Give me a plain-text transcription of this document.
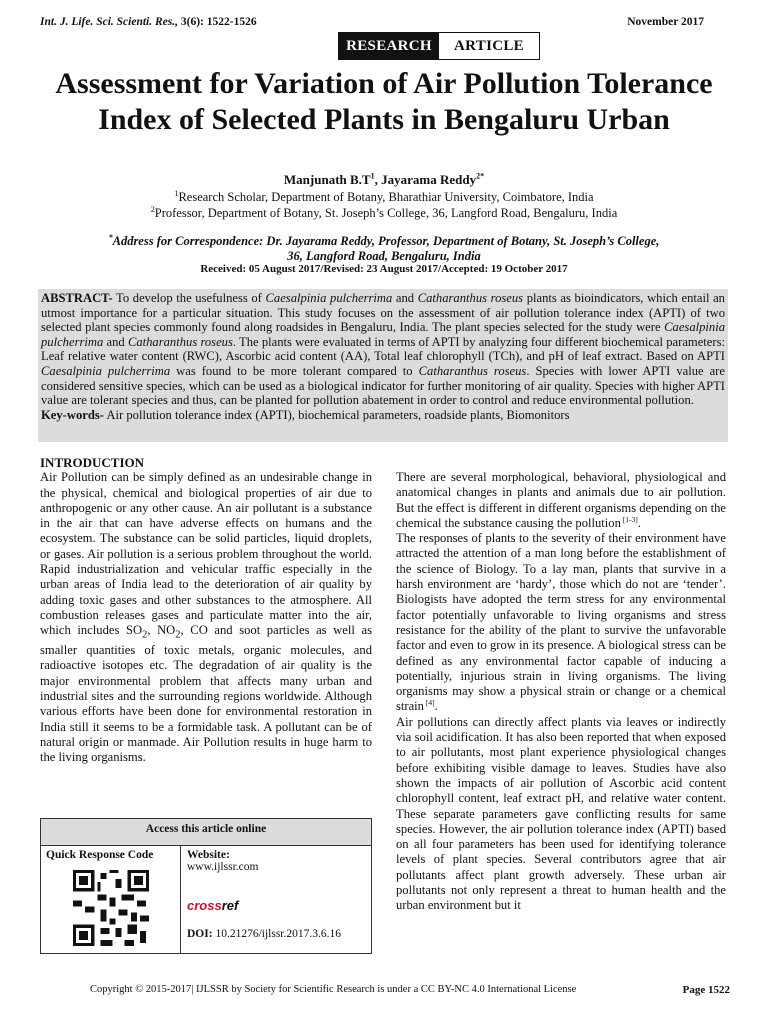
Int. J. Life. Sci. Scienti. Res., 3(6): 1522-1526	November 2017
RESEARCH	ARTICLE
Assessment for Variation of Air Pollution Tolerance Index of Selected Plants in Bengaluru Urban
Manjunath $B.T^1$, Jayarama Reddy$^{2*}$
$^1$Research Scholar, Department of Botany, Bharathiar University, Coimbatore, India
$^2$Professor, Department of Botany, St. Joseph’s College, 36, Langford Road, Bengaluru, India
*Address for Correspondence: Dr. Jayarama Reddy, Professor, Department of Botany, St. Joseph’s College,
36, Langford Road, Bengaluru, India
Received: 05 August 2017/Revised: 23 August 2017/Accepted: 19 October 2017
ABSTRACT- To develop the usefulness of Caesalpinia pulcherrima and Catharanthus roseus plants as bioindicators, which entail an utmost importance for a particular situation. This study focuses on the assessment of air pollution tolerance index (APTI) of two selected plant species commonly found along roadsides in Bengaluru, India. The plant species selected for the study were Caesalpinia pulcherrima and Catharanthus roseus. The plants were evaluated in terms of APTI by analyzing four different biochemical parameters: Leaf relative water content (RWC), Ascorbic acid content (AA), Total leaf chlorophyll (TCh), and pH of leaf extract. Based on APTI Caesalpinia pulcherrima was found to be more tolerant compared to Catharanthus roseus. Species with lower APTI value are considered sensitive species, which can be used as a biological indicator for further monitoring of air quality. Species with higher APTI value are tolerant species and thus, can be planted for pollution abatement in order to control and reduce environmental pollution.
Key-words- Air pollution tolerance index (APTI), biochemical parameters, roadside plants, Biomonitors
INTRODUCTION
Air Pollution can be simply defined as an undesirable change in the physical, chemical and biological properties of air due to anthropogenic or any other cause. An air pollutant is a substance in the air that can have adverse effects on humans and the ecosystem. The substance can be solid particles, liquid droplets, or gases. Air pollution is a serious problem throughout the world. Rapid industrialization and vehicular traffic especially in the urban areas of India lead to the deterioration of air quality by adding toxic gases and other substances to the atmosphere. All combustion releases gases and particulate matter into the air, which includes $SO_2$, $NO_2$, CO and soot particles as well as smaller quantities of toxic metals, organic molecules, and radioactive isotopes etc. The degradation of air quality is the major environmental problem that affects many urban and industrial sites and the surrounding regions worldwide. Although various efforts have been done for environmental restoration in India still it seems to be a formidable task. A pollutant can be of natural origin or manmade. Air Pollution results in huge harm to the living organisms.
There are several morphological, behavioral, physiological and anatomical changes in plants and animals due to air pollution. But the effect is different in different organisms depending on the chemical the substance causing the pollution [1-3].
The responses of plants to the severity of their environment have attracted the attention of a man long before the establishment of the science of Biology. To a lay man, plants that survive in a harsh environment are ‘hardy’, those which do not are ‘tender’. Biologists have adopted the term stress for any environmental factor potentially unfavorable to living organisms and stress resistance for the ability of the plant to survive the unfavorable factor and even to grow in its presence. A biological stress can be defined as any environmental factor capable of inducing a potentially, injurious strain in living organisms. The living organisms may show a physical strain or change or a chemical strain [4].
Air pollutions can directly affect plants via leaves or indirectly via soil acidification. It has also been reported that when exposed to air pollutants, most plant experience physiological changes before exhibiting visible damage to leaves. Studies have also shown the impacts of air pollution of Ascorbic acid content chlorophyll content, leaf extract pH, and relative water content. These separate parameters gave conflicting results for same species. However, the air pollution tolerance index (APTI) based on all four parameters has been used for identifying tolerance levels of plant species. Several contributors agree that air pollutants affect plant growth adversely. These urban air pollutants not only represent a threat to human health and the urban environment but it
Access this article online
Quick Response Code	Website:
www.ijlssr.com
crossref
DOI: 10.21276/ijlssr.2017.3.6.16
Copyright © 2015-2017| IJLSSR by Society for Scientific Research is under a CC BY-NC 4.0 International License	Page 1522
